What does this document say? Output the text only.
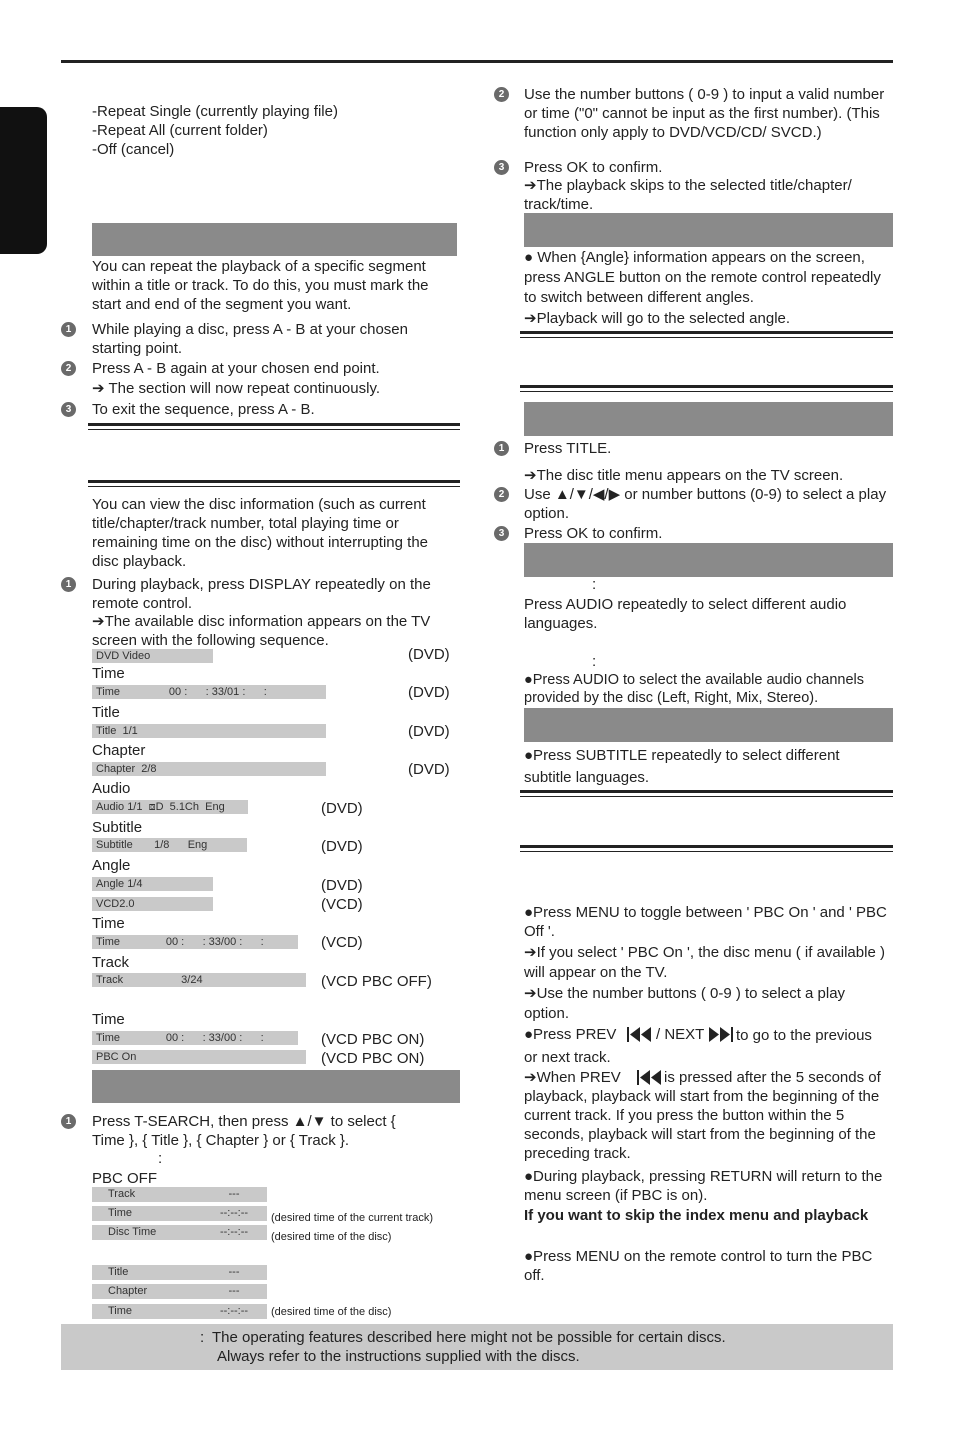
-Repeat Single (currently playing file)
-Repeat All (current folder)
-Off (cancel)
You can repeat the playback of a specific segment within a title or track. To do this, you must mark the start and end of the segment you want.
1	While playing a disc, press A - B at your chosen starting point.
2	Press A - B again at your chosen end point.
➔ The section will now repeat continuously.
3	To exit the sequence, press A - B.
You can view the disc information (such as current title/chapter/track number, total playing time or remaining time on the disc) without interrupting the disc playback.
1	During playback, press DISPLAY repeatedly on the remote control.
➔The available disc information appears on the TV screen with the following sequence.
DVD Video	(DVD)
Time
Time                00 :      : 33/01 :      :	(DVD)
Title
Title  1/1	(DVD)
Chapter
Chapter  2/8	(DVD)
Audio
Audio 1/1  ⧈D  5.1Ch  Eng	(DVD)
Subtitle
Subtitle       1/8      Eng	(DVD)
Angle
Angle 1/4	(DVD)
VCD2.0	(VCD)
Time
Time               00 :      : 33/00 :      :	(VCD)
Track
Track                   3/24	(VCD PBC OFF)
Time
Time               00 :      : 33/00 :      :	(VCD PBC ON)
PBC On	(VCD PBC ON)
1	Press T-SEARCH, then press ▲/▼ to select { Time }, { Title }, { Chapter } or { Track }.
:
PBC OFF
Track	---
Time	--:--:--	(desired time of the current track)
Disc Time	--:--:--	(desired time of the disc)
Title	---
Chapter	---
Time	--:--:--	(desired time of the disc)
2	Use the number buttons ( 0-9 ) to input a valid number or time ("0" cannot be input as the first number). (This function only apply to DVD/VCD/CD/ SVCD.)
3	Press OK to confirm.
➔The playback skips to the selected title/chapter/ track/time.
● When {Angle} information appears on the screen, press ANGLE button on the remote control repeatedly to switch between different angles.
➔Playback will go to the selected angle.
1	Press TITLE.
➔The disc title menu appears on the TV screen.
2	Use ▲/▼/◀/▶ or number buttons (0-9) to select a play option.
3	Press OK to confirm.
:
Press AUDIO repeatedly to select different audio languages.
:
●Press AUDIO to select the available audio channels provided by the disc (Left, Right, Mix, Stereo).
●Press SUBTITLE repeatedly to select different subtitle languages.
●Press MENU to toggle between ' PBC On ' and ' PBC Off '.
➔If you select ' PBC On ', the disc menu ( if available ) will appear on the TV.
➔Use the number buttons ( 0-9 ) to select a play option.
●Press PREV	/ NEXT	to go to the previous or next track.
➔When PREV	is pressed after the 5 seconds of playback, playback will start from the beginning of the current track. If you press the button within the 5 seconds, playback will start from the beginning of the preceding track.
●During playback, pressing RETURN will return to the menu screen (if PBC is on).
If you want to skip the index menu and playback
●Press MENU on the remote control to turn the PBC off.
: The operating features described here might not be possible for certain discs.
Always refer to the instructions supplied with the discs.
